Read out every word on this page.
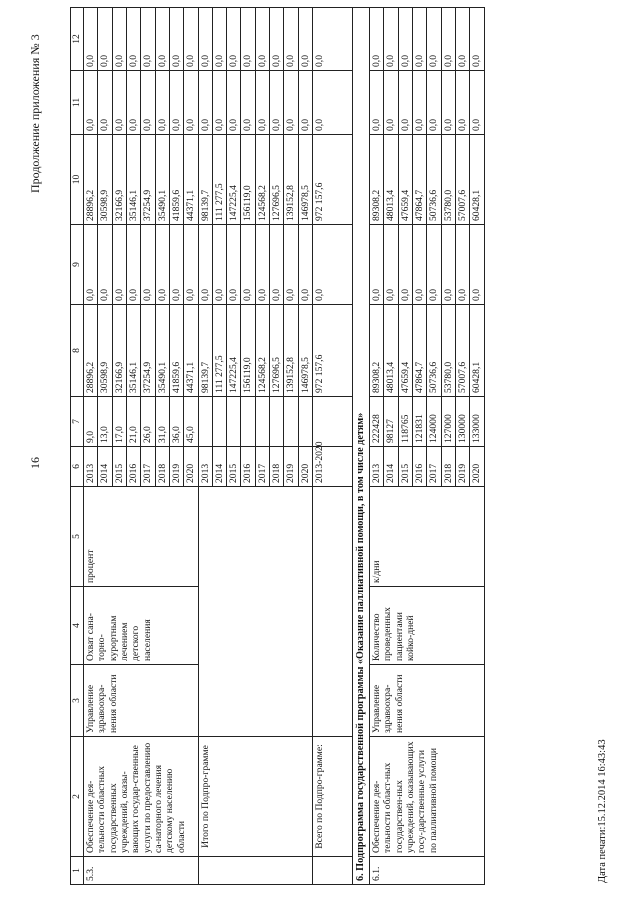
16
Продолжение приложения № 3
1	2	3	4	5	6	7	8	9	10	11	12
5.3.	Обеспечение дея-тельности областных государственных учреждений, оказы-вающих государ-ственные услуги по предоставлению са-наторного лечения детскому населению области	Управление здравоохра-нения области	Охват сана-торно-курортным лечением детского населения	процент	2013	9,0	28896,2	0,0	28896,2	0,0	0,0
					2014	13,0	30598,9	0,0	30598,9	0,0	0,0
					2015	17,0	32166,9	0,0	32166,9	0,0	0,0
					2016	21,0	35146,1	0,0	35146,1	0,0	0,0
					2017	26,0	37254,9	0,0	37254,9	0,0	0,0
					2018	31,0	35490,1	0,0	35490,1	0,0	0,0
					2019	36,0	41859,6	0,0	41859,6	0,0	0,0
					2020	45,0	44371,1	0,0	44371,1	0,0	0,0
	Итого по Подпро-грамме				2013		98139,7	0,0	98139,7	0,0	0,0
					2014		111 277,5	0,0	111 277,5	0,0	0,0
					2015		147225,4	0,0	147225,4	0,0	0,0
					2016		156119,0	0,0	156119,0	0,0	0,0
					2017		124568,2	0,0	124568,2	0,0	0,0
					2018		127696,5	0,0	127696,5	0,0	0,0
					2019		139152,8	0,0	139152,8	0,0	0,0
					2020		146978,5	0,0	146978,5	0,0	0,0
	Всего по Подпро-грамме:				2013-2020		972 157,6	0,0	972 157,6	0,0	0,0
6. Подпрограмма государственной программы «Оказание паллиативной помощи, в том числе детям»											
6.1.	Обеспечение дея-тельности област-ных государствен-ных учреждений, оказывающих госу-дарственные услуги по паллиативной помощи	Управление здравоохра-нения области	Количество проведенных пациентами койко-дней	к/дни	2013	222428	89308,2	0,0	89308,2	0,0	0,0
					2014	98127	48013,4	0,0	48013,4	0,0	0,0
					2015	118765	47659,4	0,0	47659,4	0,0	0,0
					2016	121831	47864,7	0,0	47864,7	0,0	0,0
					2017	124000	50736,6	0,0	50736,6	0,0	0,0
					2018	127000	53780,0	0,0	53780,0	0,0	0,0
					2019	130000	57007,6	0,0	57007,6	0,0	0,0
					2020	133000	60428,1	0,0	60428,1	0,0	0,0
Дата печати:15.12.2014 16:43:43
